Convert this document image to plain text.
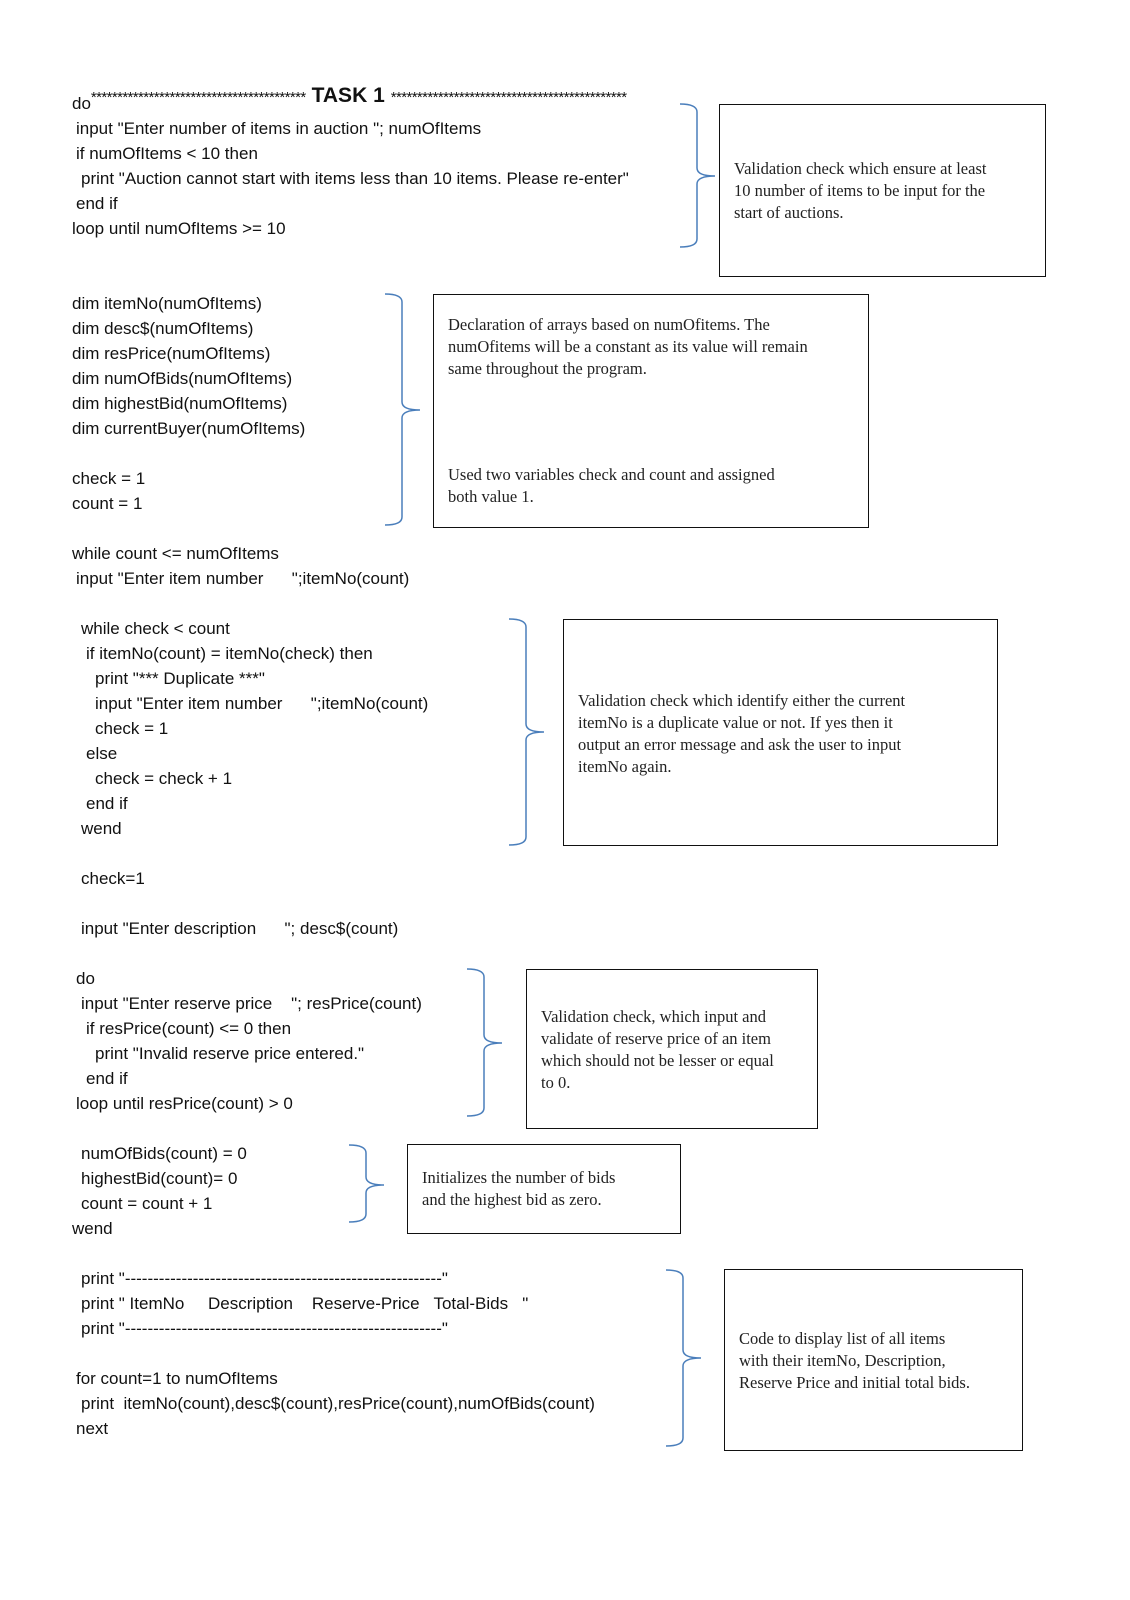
***************************************** TASK 1 *********************************************

do
input "Enter number of items in auction "; numOfItems
if numOfItems < 10 then
print "Auction cannot start with items less than 10 items. Please re-enter"
end if
loop until numOfItems >= 10
dim itemNo(numOfItems)
dim desc$(numOfItems)
dim resPrice(numOfItems)
dim numOfBids(numOfItems)
dim highestBid(numOfItems)
dim currentBuyer(numOfItems)
check = 1
count = 1
while count <= numOfItems
input "Enter item number      ";itemNo(count)
while check < count
if itemNo(count) = itemNo(check) then
print "*** Duplicate ***"
input "Enter item number      ";itemNo(count)
check = 1
else
check = check + 1
end if
wend
check=1
input "Enter description      "; desc$(count)
do
input "Enter reserve price    "; resPrice(count)
if resPrice(count) <= 0 then
print "Invalid reserve price entered."
end if
loop until resPrice(count) > 0
numOfBids(count) = 0
highestBid(count)= 0
count = count + 1
wend
print "--------------------------------------------------------"
print " ItemNo     Description    Reserve-Price   Total-Bids   "
print "--------------------------------------------------------"
for count=1 to numOfItems
print  itemNo(count),desc$(count),resPrice(count),numOfBids(count)
next
Validation check which ensure at least
10 number of items to be input for the
start of auctions.
Declaration of arrays based on numOfitems. The
numOfitems will be a constant as its value will remain
same throughout the program.
Used two variables check and count and assigned
both value 1.
Validation check which identify either the current
itemNo is a duplicate value or not. If yes then it
output an error message and ask the user to input
itemNo again.
Validation check, which input and
validate of reserve price of an item
which should not be lesser or equal
to 0.
Initializes the number of bids
and the highest bid as zero.
Code to display list of all items
with their itemNo, Description,
Reserve Price and initial total bids.
